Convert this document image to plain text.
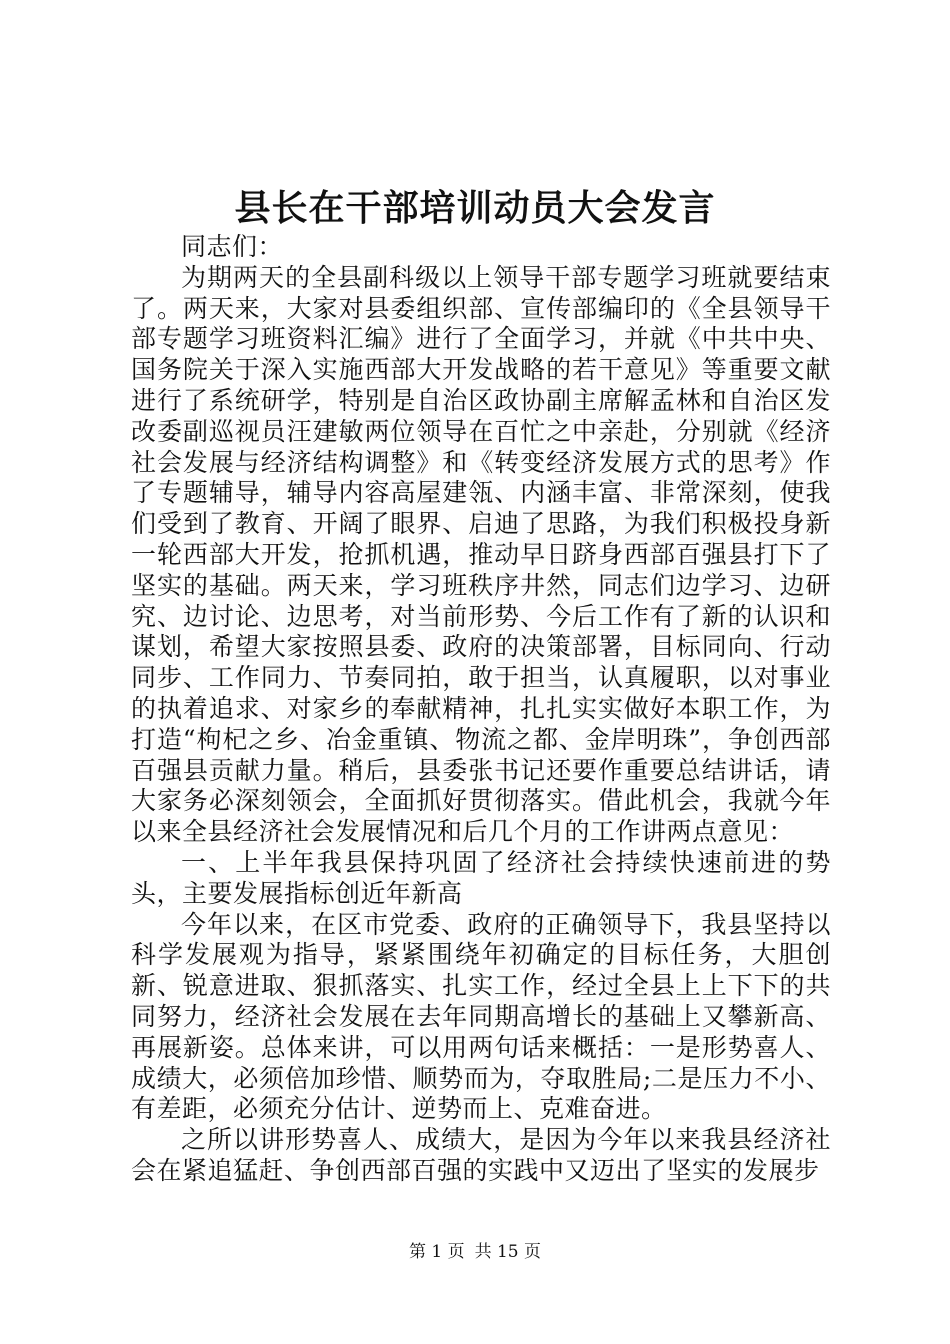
县长在干部培训动员大会发言

同志们：

为期两天的全县副科级以上领导干部专题学习班就要结束了。两天来，大家对县委组织部、宣传部编印的《全县领导干部专题学习班资料汇编》进行了全面学习，并就《中共中央、国务院关于深入实施西部大开发战略的若干意见》等重要文献进行了系统研学，特别是自治区政协副主席解孟林和自治区发改委副巡视员汪建敏两位领导在百忙之中亲赴，分别就《经济社会发展与经济结构调整》和《转变经济发展方式的思考》作了专题辅导，辅导内容高屋建瓴、内涵丰富、非常深刻，使我们受到了教育、开阔了眼界、启迪了思路，为我们积极投身新一轮西部大开发，抢抓机遇，推动早日跻身西部百强县打下了坚实的基础。两天来，学习班秩序井然，同志们边学习、边研究、边讨论、边思考，对当前形势、今后工作有了新的认识和谋划，希望大家按照县委、政府的决策部署，目标同向、行动同步、工作同力、节奏同拍，敢于担当，认真履职，以对事业的执着追求、对家乡的奉献精神，扎扎实实做好本职工作，为打造“枸杞之乡、冶金重镇、物流之都、金岸明珠”，争创西部百强县贡献力量。稍后，县委张书记还要作重要总结讲话，请大家务必深刻领会，全面抓好贯彻落实。借此机会，我就今年以来全县经济社会发展情况和后几个月的工作讲两点意见：

一、上半年我县保持巩固了经济社会持续快速前进的势头，主要发展指标创近年新高

今年以来，在区市党委、政府的正确领导下，我县坚持以科学发展观为指导，紧紧围绕年初确定的目标任务，大胆创新、锐意进取、狠抓落实、扎实工作，经过全县上上下下的共同努力，经济社会发展在去年同期高增长的基础上又攀新高、再展新姿。总体来讲，可以用两句话来概括：一是形势喜人、成绩大，必须倍加珍惜、顺势而为，夺取胜局;二是压力不小、有差距，必须充分估计、逆势而上、克难奋进。

之所以讲形势喜人、成绩大，是因为今年以来我县经济社会在紧追猛赶、争创西部百强的实践中又迈出了坚实的发展步

第 1 页 共 15 页
